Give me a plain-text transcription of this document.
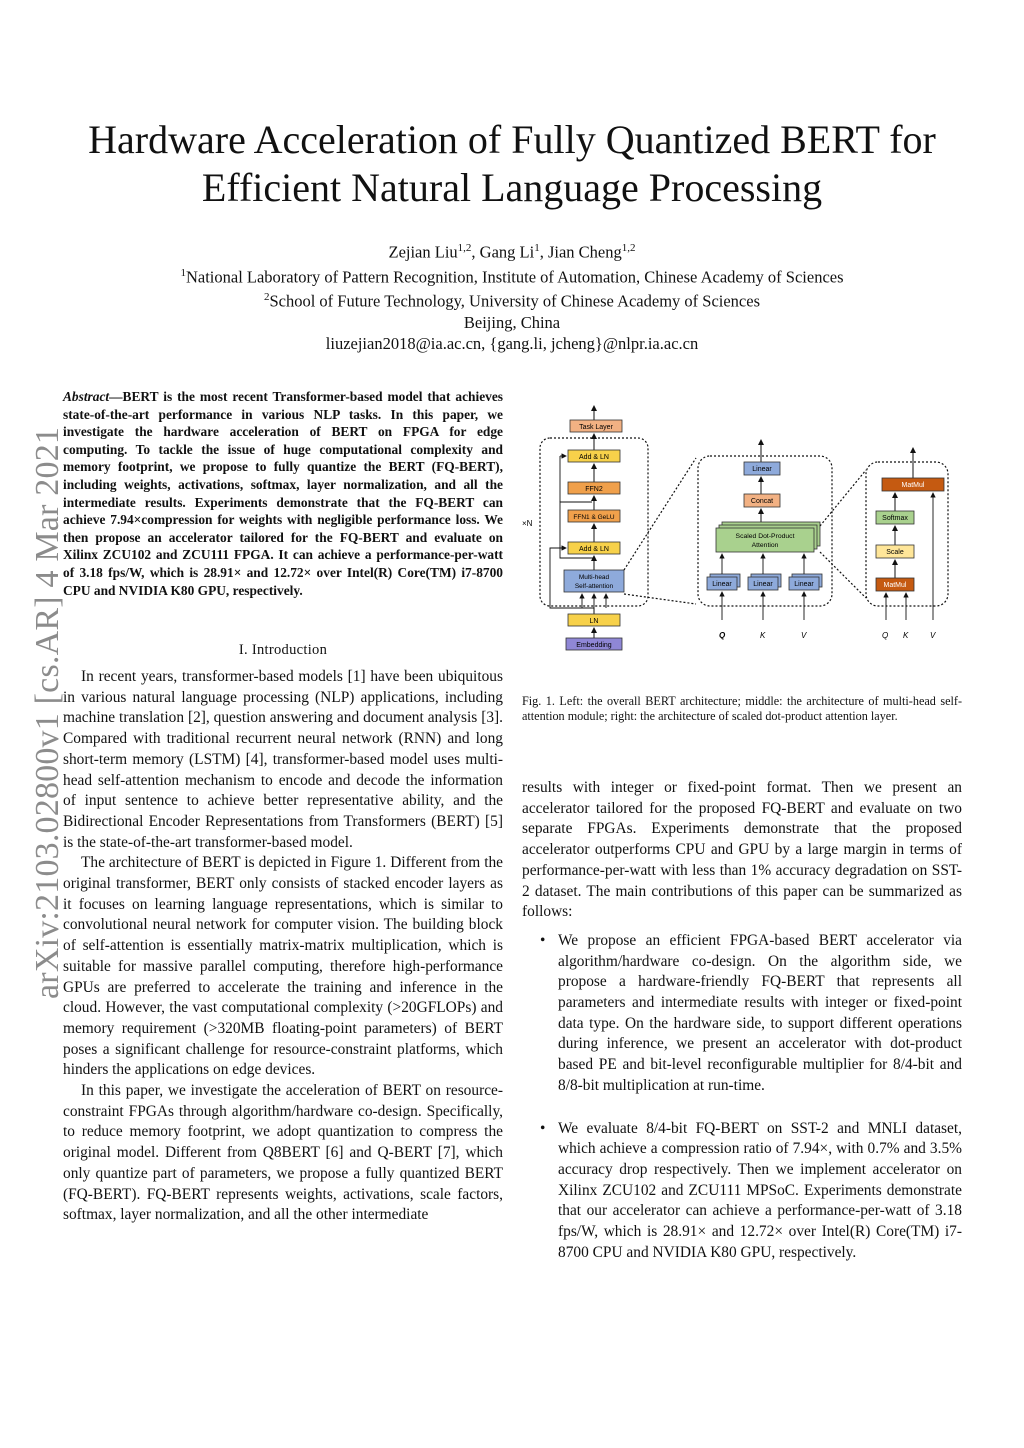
arXiv:2103.02800v1 [cs.AR] 4 Mar 2021
Hardware Acceleration of Fully Quantized BERT for
Efficient Natural Language Processing
Zejian Liu$^{1,2}$, Gang Li$^1$, Jian Cheng$^{1,2}$
$^1$National Laboratory of Pattern Recognition, Institute of Automation, Chinese Academy of Sciences
$^2$School of Future Technology, University of Chinese Academy of Sciences
Beijing, China
liuzejian2018@ia.ac.cn, {gang.li, jcheng}@nlpr.ia.ac.cn
Abstract—BERT is the most recent Transformer-based model that achieves state-of-the-art performance in various NLP tasks. In this paper, we investigate the hardware acceleration of BERT on FPGA for edge computing. To tackle the issue of huge computational complexity and memory footprint, we propose to fully quantize the BERT (FQ-BERT), including weights, activations, softmax, layer normalization, and all the intermediate results. Experiments demonstrate that the FQ-BERT can achieve 7.94×compression for weights with negligible performance loss. We then propose an accelerator tailored for the FQ-BERT and evaluate on Xilinx ZCU102 and ZCU111 FPGA. It can achieve a performance-per-watt of 3.18 fps/W, which is 28.91× and 12.72× over Intel(R) Core(TM) i7-8700 CPU and NVIDIA K80 GPU, respectively.
I. Introduction

In recent years, transformer-based models [1] have been ubiquitous in various natural language processing (NLP) applications, including machine translation [2], question answering and document analysis [3]. Compared with traditional recurrent neural network (RNN) and long short-term memory (LSTM) [4], transformer-based model uses multi-head self-attention mechanism to encode and decode the information of input sentence to achieve better representative ability, and the Bidirectional Encoder Representations from Transformers (BERT) [5] is the state-of-the-art transformer-based model.

The architecture of BERT is depicted in Figure 1. Different from the original transformer, BERT only consists of stacked encoder layers as it focuses on learning language representations, which is similar to convolutional neural network for computer vision. The building block of self-attention is essentially matrix-matrix multiplication, which is suitable for massive parallel computing, therefore high-performance GPUs are preferred to accelerate the training and inference in the cloud. However, the vast computational complexity (>20GFLOPs) and memory requirement (>320MB floating-point parameters) of BERT poses a significant challenge for resource-constraint platforms, which hinders the applications on edge devices.

In this paper, we investigate the acceleration of BERT on resource-constraint FPGAs through algorithm/hardware co-design. Specifically, to reduce memory footprint, we adopt quantization to compress the original model. Different from Q8BERT [6] and Q-BERT [7], which only quantize part of parameters, we propose a fully quantized BERT (FQ-BERT). FQ-BERT represents weights, activations, scale factors, softmax, layer normalization, and all the other intermediate

Task Layer
×N
Add & LN
FFN2
FFN1 & GeLU
Add & LN
Multi-head
Self-attention
LN
Embedding
Linear
Concat
Scaled Dot-Product
Attention
Linear	Linear	Linear
Q	K	V
MatMul
Softmax
Scale
MatMul
Q K	V
Fig. 1. Left: the overall BERT architecture; middle: the architecture of multi-head self-attention module; right: the architecture of scaled dot-product attention layer.

results with integer or fixed-point format. Then we present an accelerator tailored for the proposed FQ-BERT and evaluate on two separate FPGAs. Experiments demonstrate that the proposed accelerator outperforms CPU and GPU by a large margin in terms of performance-per-watt with less than 1% accuracy degradation on SST-2 dataset. The main contributions of this paper can be summarized as follows:

• We propose an efficient FPGA-based BERT accelerator via algorithm/hardware co-design. On the algorithm side, we propose a hardware-friendly FQ-BERT that represents all parameters and intermediate results with integer or fixed-point data type. On the hardware side, to support different operations during inference, we present an accelerator with dot-product based PE and bit-level reconfigurable multiplier for 8/4-bit and 8/8-bit multiplication at run-time.
• We evaluate 8/4-bit FQ-BERT on SST-2 and MNLI dataset, which achieve a compression ratio of 7.94×, with 0.7% and 3.5% accuracy drop respectively. Then we implement accelerator on Xilinx ZCU102 and ZCU111 MPSoC. Experiments demonstrate that our accelerator can achieve a performance-per-watt of 3.18 fps/W, which is 28.91× and 12.72× over Intel(R) Core(TM) i7-8700 CPU and NVIDIA K80 GPU, respectively.
